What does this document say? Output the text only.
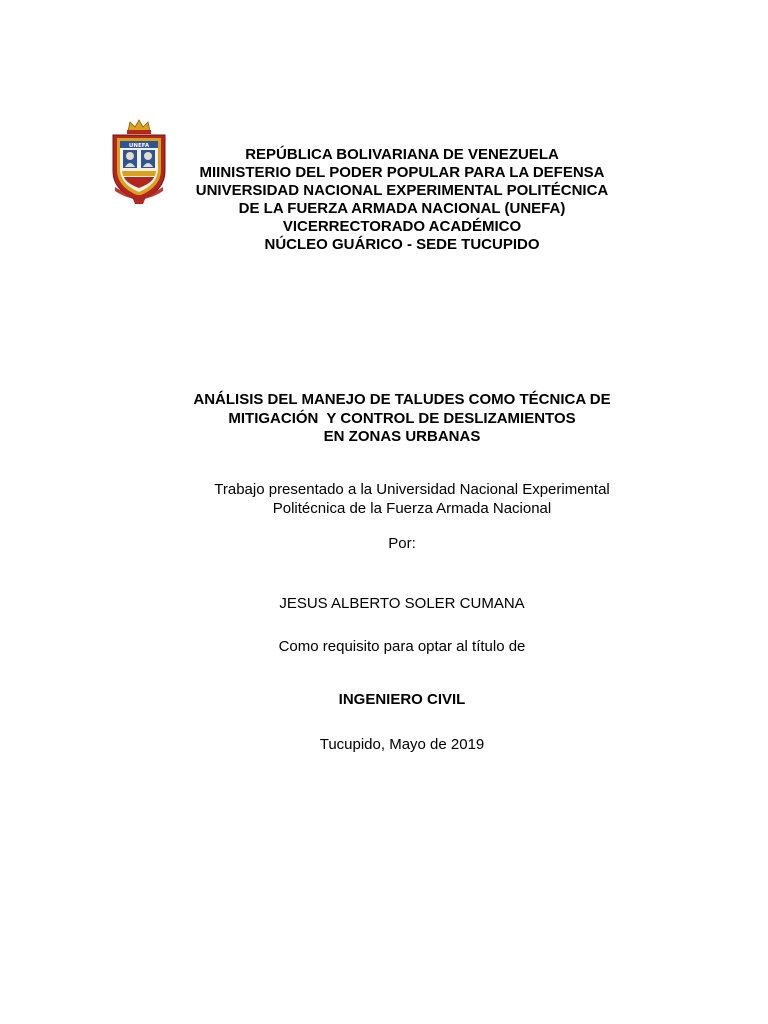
UNEFA
REPÚBLICA BOLIVARIANA DE VENEZUELA
MIINISTERIO DEL PODER POPULAR PARA LA DEFENSA
UNIVERSIDAD NACIONAL EXPERIMENTAL POLITÉCNICA
DE LA FUERZA ARMADA NACIONAL (UNEFA)
VICERRECTORADO ACADÉMICO
NÚCLEO GUÁRICO - SEDE TUCUPIDO
ANÁLISIS DEL MANEJO DE TALUDES COMO TÉCNICA DE
MITIGACIÓN  Y CONTROL DE DESLIZAMIENTOS
EN ZONAS URBANAS
Trabajo presentado a la Universidad Nacional Experimental
Politécnica de la Fuerza Armada Nacional
Por:
JESUS ALBERTO SOLER CUMANA
Como requisito para optar al título de
INGENIERO CIVIL
Tucupido, Mayo de 2019
